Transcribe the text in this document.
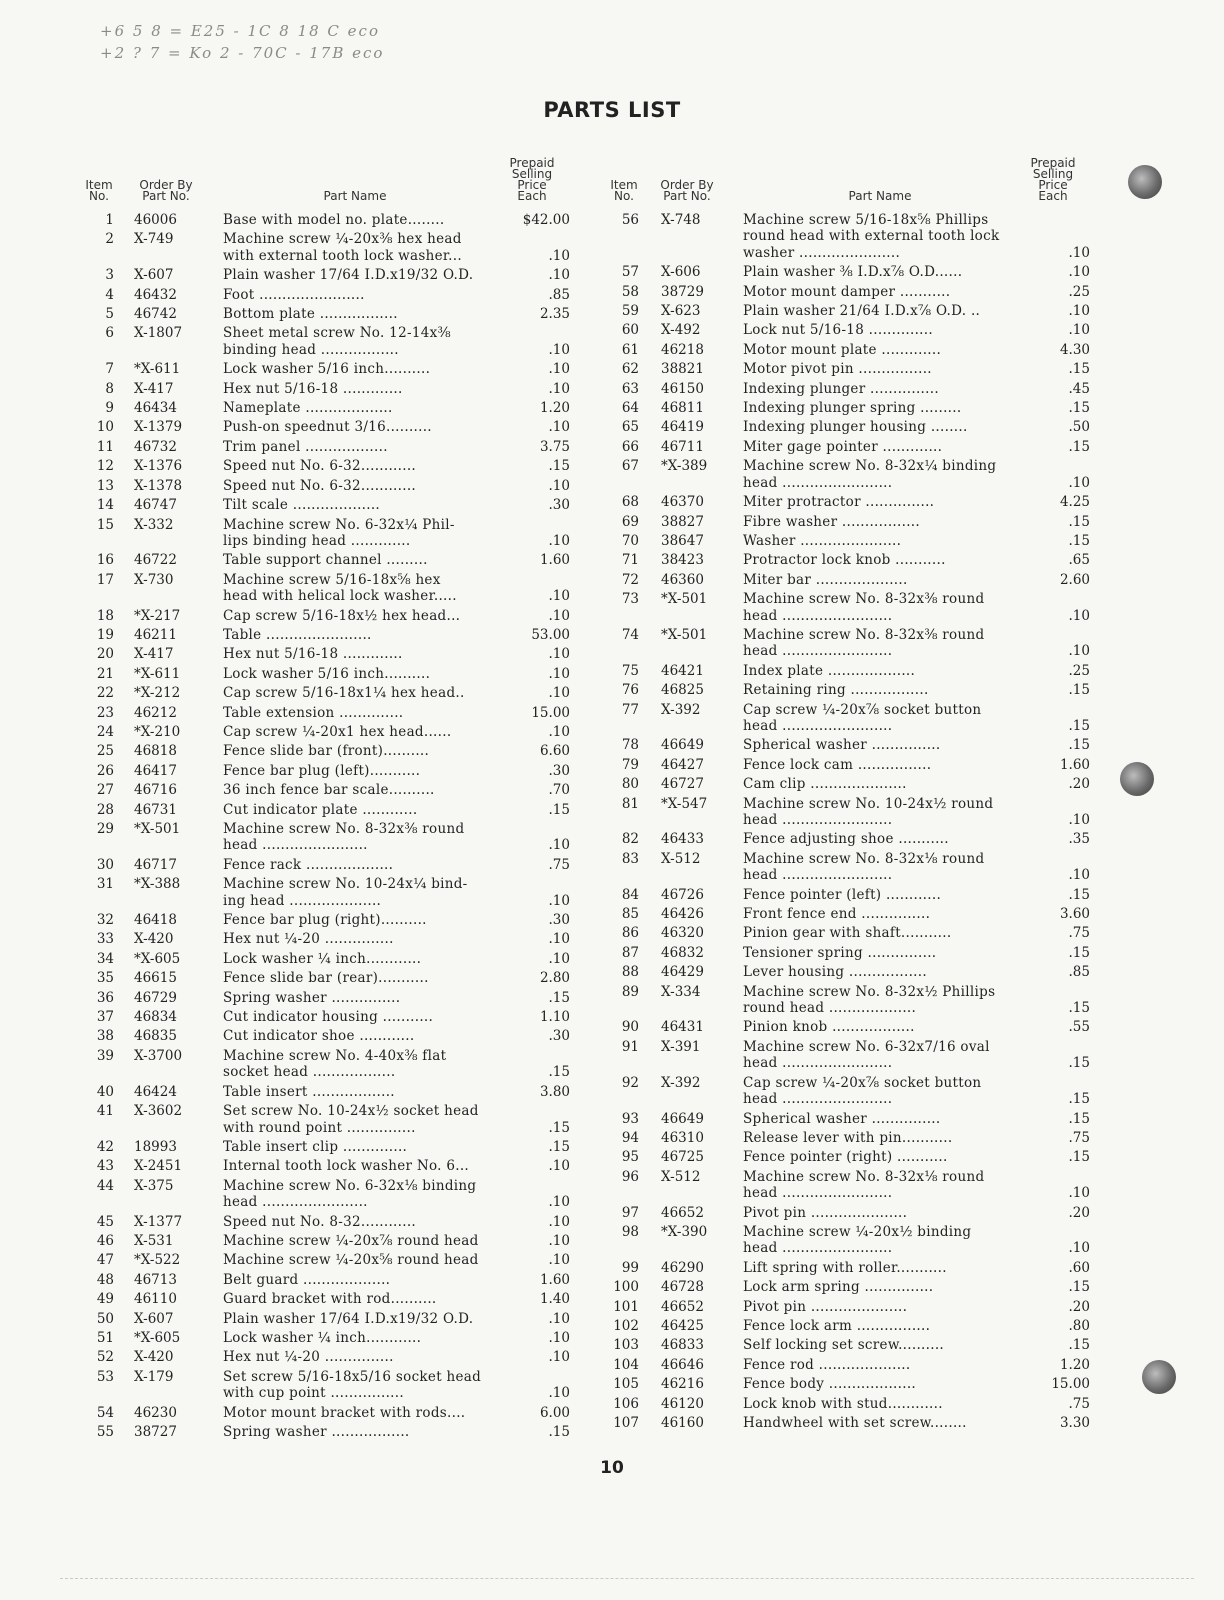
+6 5 8 = E25 - 1C 8 18 C eco
+2 ? 7 = Ko 2 - 70C - 17B eco
PARTS LIST
Item
No.
Order By
Part No.	Part Name
Prepaid
Selling
Price
Each
1 46006	Base with model no. plate........	$42.00
2 X-749	Machine screw ¼-20x⅜ hex head
with external tooth lock washer...	.10
3 X-607	Plain washer 17/64 I.D.x19/32 O.D.	.10
4 46432	Foot .......................	.85
5 46742	Bottom plate .................	2.35
6 X-1807	Sheet metal screw No. 12-14x⅜
binding head .................	.10
7 *X-611	Lock washer 5/16 inch..........	.10
8 X-417	Hex nut 5/16-18 .............	.10
9 46434	Nameplate ...................	1.20
10 X-1379	Push-on speednut 3/16..........	.10
11 46732	Trim panel ..................	3.75
12 X-1376	Speed nut No. 6-32............	.15
13 X-1378	Speed nut No. 6-32............	.10
14 46747	Tilt scale ...................	.30
15 X-332	Machine screw No. 6-32x¼ Phil-
lips binding head .............	.10
16 46722	Table support channel .........	1.60
17 X-730	Machine screw 5/16-18x⅝ hex
head with helical lock washer.....	.10
18 *X-217	Cap screw 5/16-18x½ hex head...	.10
19 46211	Table .......................	53.00
20 X-417	Hex nut 5/16-18 .............	.10
21 *X-611	Lock washer 5/16 inch..........	.10
22 *X-212	Cap screw 5/16-18x1¼ hex head..	.10
23 46212	Table extension ..............	15.00
24 *X-210	Cap screw ¼-20x1 hex head......	.10
25 46818	Fence slide bar (front)..........	6.60
26 46417	Fence bar plug (left)...........	.30
27 46716	36 inch fence bar scale..........	.70
28 46731	Cut indicator plate ............	.15
29 *X-501	Machine screw No. 8-32x⅜ round
head .......................	.10
30 46717	Fence rack ...................	.75
31 *X-388	Machine screw No. 10-24x¼ bind-
ing head ....................	.10
32 46418	Fence bar plug (right)..........	.30
33 X-420	Hex nut ¼-20 ...............	.10
34 *X-605	Lock washer ¼ inch............	.10
35 46615	Fence slide bar (rear)...........	2.80
36 46729	Spring washer ...............	.15
37 46834	Cut indicator housing ...........	1.10
38 46835	Cut indicator shoe ............	.30
39 X-3700	Machine screw No. 4-40x⅜ flat
socket head ..................	.15
40 46424	Table insert ..................	3.80
41 X-3602	Set screw No. 10-24x½ socket head
with round point ...............	.15
42 18993	Table insert clip ..............	.15
43 X-2451	Internal tooth lock washer No. 6...	.10
44 X-375	Machine screw No. 6-32x⅛ binding
head .......................	.10
45 X-1377	Speed nut No. 8-32............	.10
46 X-531	Machine screw ¼-20x⅞ round head	.10
47 *X-522	Machine screw ¼-20x⅝ round head	.10
48 46713	Belt guard ...................	1.60
49 46110	Guard bracket with rod..........	1.40
50 X-607	Plain washer 17/64 I.D.x19/32 O.D.	.10
51 *X-605	Lock washer ¼ inch............	.10
52 X-420	Hex nut ¼-20 ...............	.10
53 X-179	Set screw 5/16-18x5/16 socket head
with cup point ................	.10
54 46230	Motor mount bracket with rods....	6.00
55 38727	Spring washer .................	.15
Item
No.
Order By
Part No.	Part Name
Prepaid
Selling
Price
Each
56 X-748	Machine screw 5/16-18x⅝ Phillips
round head with external tooth lock
washer ......................	.10
57 X-606	Plain washer ⅜ I.D.x⅞ O.D......	.10
58 38729	Motor mount damper ...........	.25
59 X-623	Plain washer 21/64 I.D.x⅞ O.D. ..	.10
60 X-492	Lock nut 5/16-18 ..............	.10
61 46218	Motor mount plate .............	4.30
62 38821	Motor pivot pin ................	.15
63 46150	Indexing plunger ...............	.45
64 46811	Indexing plunger spring .........	.15
65 46419	Indexing plunger housing ........	.50
66 46711	Miter gage pointer .............	.15
67 *X-389	Machine screw No. 8-32x¼ binding
head ........................	.10
68 46370	Miter protractor ...............	4.25
69 38827	Fibre washer .................	.15
70 38647	Washer ......................	.15
71 38423	Protractor lock knob ...........	.65
72 46360	Miter bar ....................	2.60
73 *X-501	Machine screw No. 8-32x⅜ round
head ........................	.10
74 *X-501	Machine screw No. 8-32x⅜ round
head ........................	.10
75 46421	Index plate ...................	.25
76 46825	Retaining ring .................	.15
77 X-392	Cap screw ¼-20x⅞ socket button
head ........................	.15
78 46649	Spherical washer ...............	.15
79 46427	Fence lock cam ................	1.60
80 46727	Cam clip .....................	.20
81 *X-547	Machine screw No. 10-24x½ round
head ........................	.10
82 46433	Fence adjusting shoe ...........	.35
83 X-512	Machine screw No. 8-32x⅛ round
head ........................	.10
84 46726	Fence pointer (left) ............	.15
85 46426	Front fence end ...............	3.60
86 46320	Pinion gear with shaft...........	.75
87 46832	Tensioner spring ...............	.15
88 46429	Lever housing .................	.85
89 X-334	Machine screw No. 8-32x½ Phillips
round head ...................	.15
90 46431	Pinion knob ..................	.55
91 X-391	Machine screw No. 6-32x7/16 oval
head ........................	.15
92 X-392	Cap screw ¼-20x⅞ socket button
head ........................	.15
93 46649	Spherical washer ...............	.15
94 46310	Release lever with pin...........	.75
95 46725	Fence pointer (right) ...........	.15
96 X-512	Machine screw No. 8-32x⅛ round
head ........................	.10
97 46652	Pivot pin .....................	.20
98 *X-390	Machine screw ¼-20x½ binding
head ........................	.10
99 46290	Lift spring with roller...........	.60
100 46728	Lock arm spring ...............	.15
101 46652	Pivot pin .....................	.20
102 46425	Fence lock arm ................	.80
103 46833	Self locking set screw..........	.15
104 46646	Fence rod ....................	1.20
105 46216	Fence body ...................	15.00
106 46120	Lock knob with stud............	.75
107 46160	Handwheel with set screw........	3.30
10
